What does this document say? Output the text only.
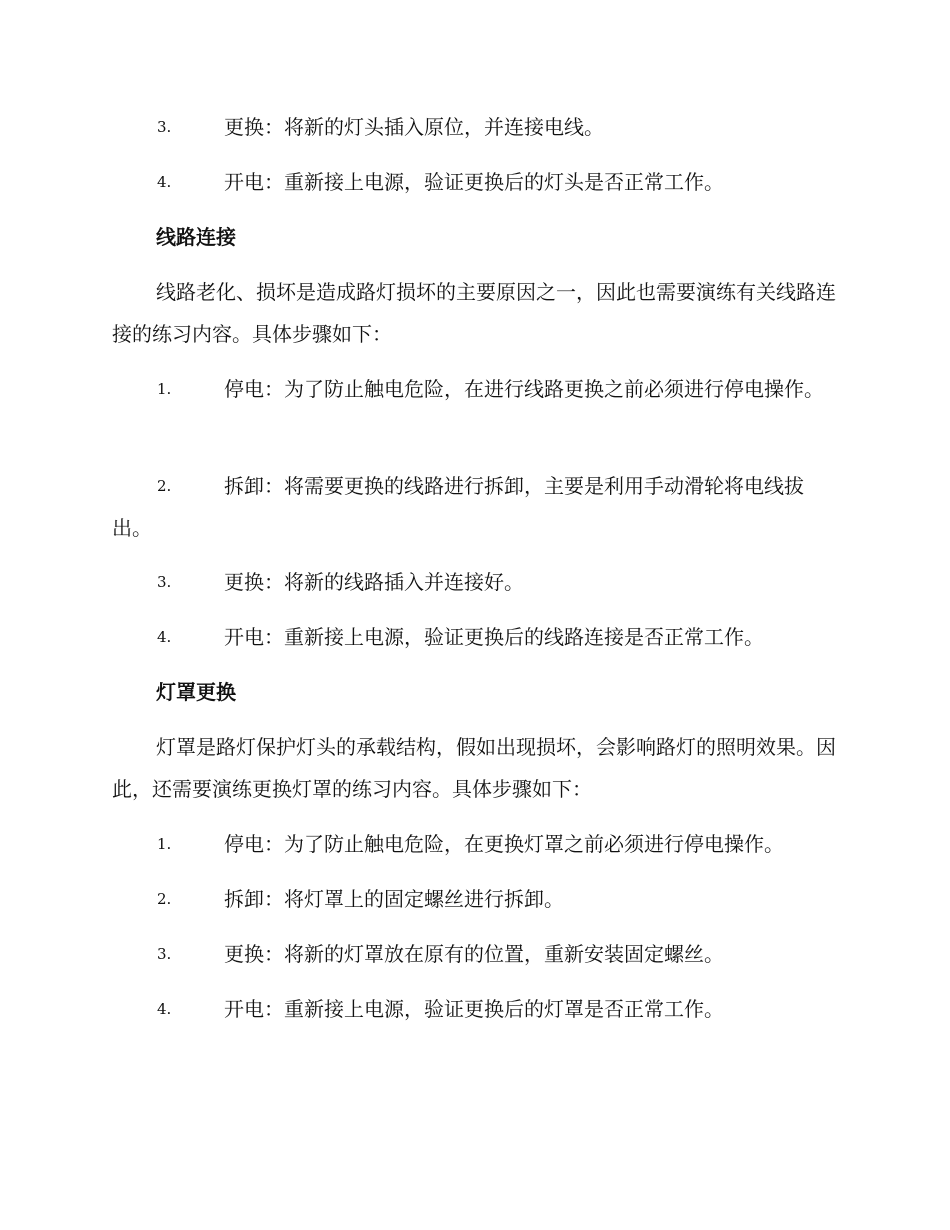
3.	更换：将新的灯头插入原位，并连接电线。
4.	开电：重新接上电源，验证更换后的灯头是否正常工作。
线路连接
线路老化、损坏是造成路灯损坏的主要原因之一，因此也需要演练有关线路连接的练习内容。具体步骤如下：
1.	停电：为了防止触电危险，在进行线路更换之前必须进行停电操作。
2.	拆卸：将需要更换的线路进行拆卸，主要是利用手动滑轮将电线拔出。
3.	更换：将新的线路插入并连接好。
4.	开电：重新接上电源，验证更换后的线路连接是否正常工作。
灯罩更换
灯罩是路灯保护灯头的承载结构，假如出现损坏，会影响路灯的照明效果。因此，还需要演练更换灯罩的练习内容。具体步骤如下：
1.	停电：为了防止触电危险，在更换灯罩之前必须进行停电操作。
2.	拆卸：将灯罩上的固定螺丝进行拆卸。
3.	更换：将新的灯罩放在原有的位置，重新安装固定螺丝。
4.	开电：重新接上电源，验证更换后的灯罩是否正常工作。
